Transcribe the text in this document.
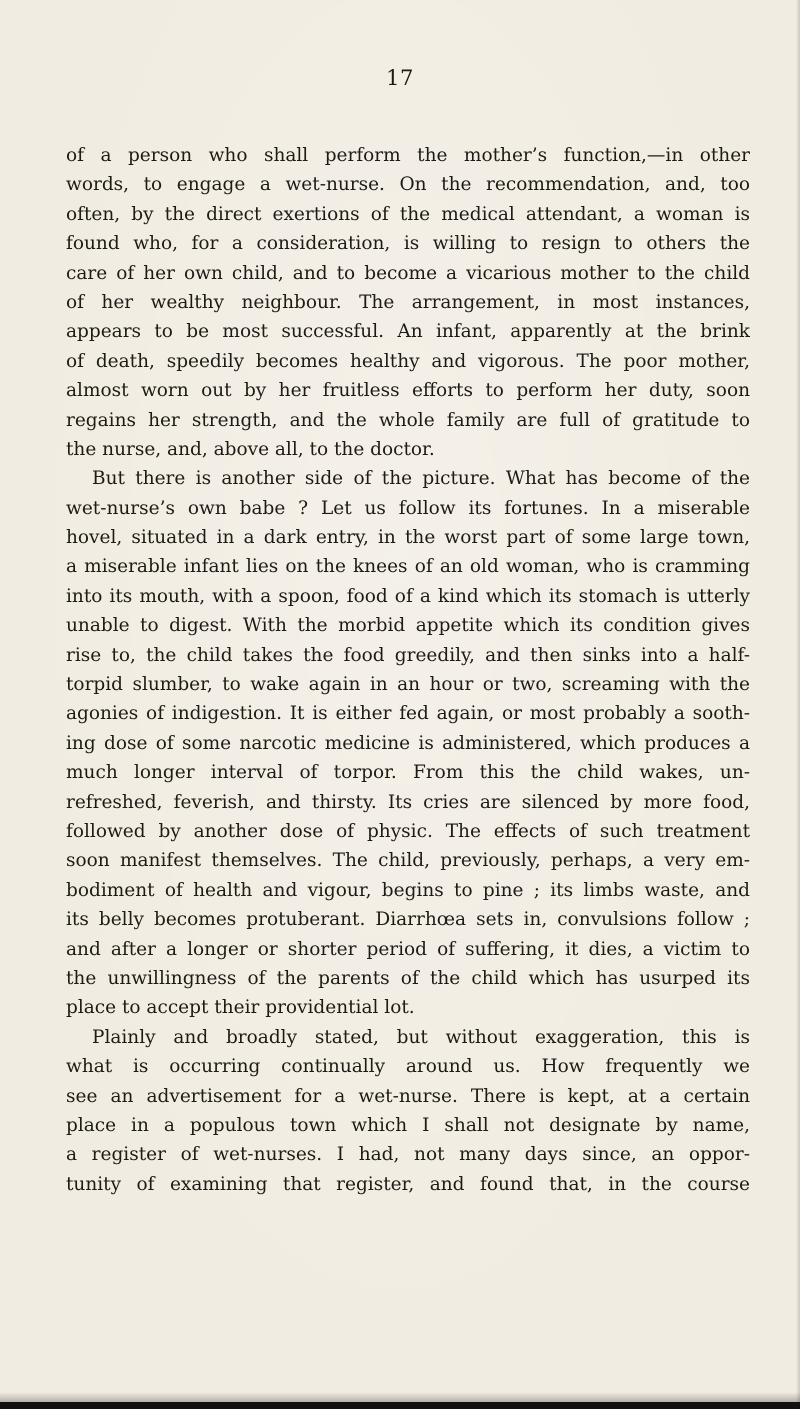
17
of a person who shall perform the mother’s function,—in other
words, to engage a wet-nurse. On the recommendation, and, too
often, by the direct exertions of the medical attendant, a woman is
found who, for a consideration, is willing to resign to others the
care of her own child, and to become a vicarious mother to the child
of her wealthy neighbour. The arrangement, in most instances,
appears to be most successful. An infant, apparently at the brink
of death, speedily becomes healthy and vigorous. The poor mother,
almost worn out by her fruitless efforts to perform her duty, soon
regains her strength, and the whole family are full of gratitude to
the nurse, and, above all, to the doctor.
But there is another side of the picture. What has become of the
wet-nurse’s own babe ? Let us follow its fortunes. In a miserable
hovel, situated in a dark entry, in the worst part of some large town,
a miserable infant lies on the knees of an old woman, who is cramming
into its mouth, with a spoon, food of a kind which its stomach is utterly
unable to digest. With the morbid appetite which its condition gives
rise to, the child takes the food greedily, and then sinks into a half-
torpid slumber, to wake again in an hour or two, screaming with the
agonies of indigestion. It is either fed again, or most probably a sooth-
ing dose of some narcotic medicine is administered, which produces a
much longer interval of torpor. From this the child wakes, un-
refreshed, feverish, and thirsty. Its cries are silenced by more food,
followed by another dose of physic. The effects of such treatment
soon manifest themselves. The child, previously, perhaps, a very em-
bodiment of health and vigour, begins to pine ; its limbs waste, and
its belly becomes protuberant. Diarrhœa sets in, convulsions follow ;
and after a longer or shorter period of suffering, it dies, a victim to
the unwillingness of the parents of the child which has usurped its
place to accept their providential lot.
Plainly and broadly stated, but without exaggeration, this is
what is occurring continually around us. How frequently we
see an advertisement for a wet-nurse. There is kept, at a certain
place in a populous town which I shall not designate by name,
a register of wet-nurses. I had, not many days since, an oppor-
tunity of examining that register, and found that, in the course
